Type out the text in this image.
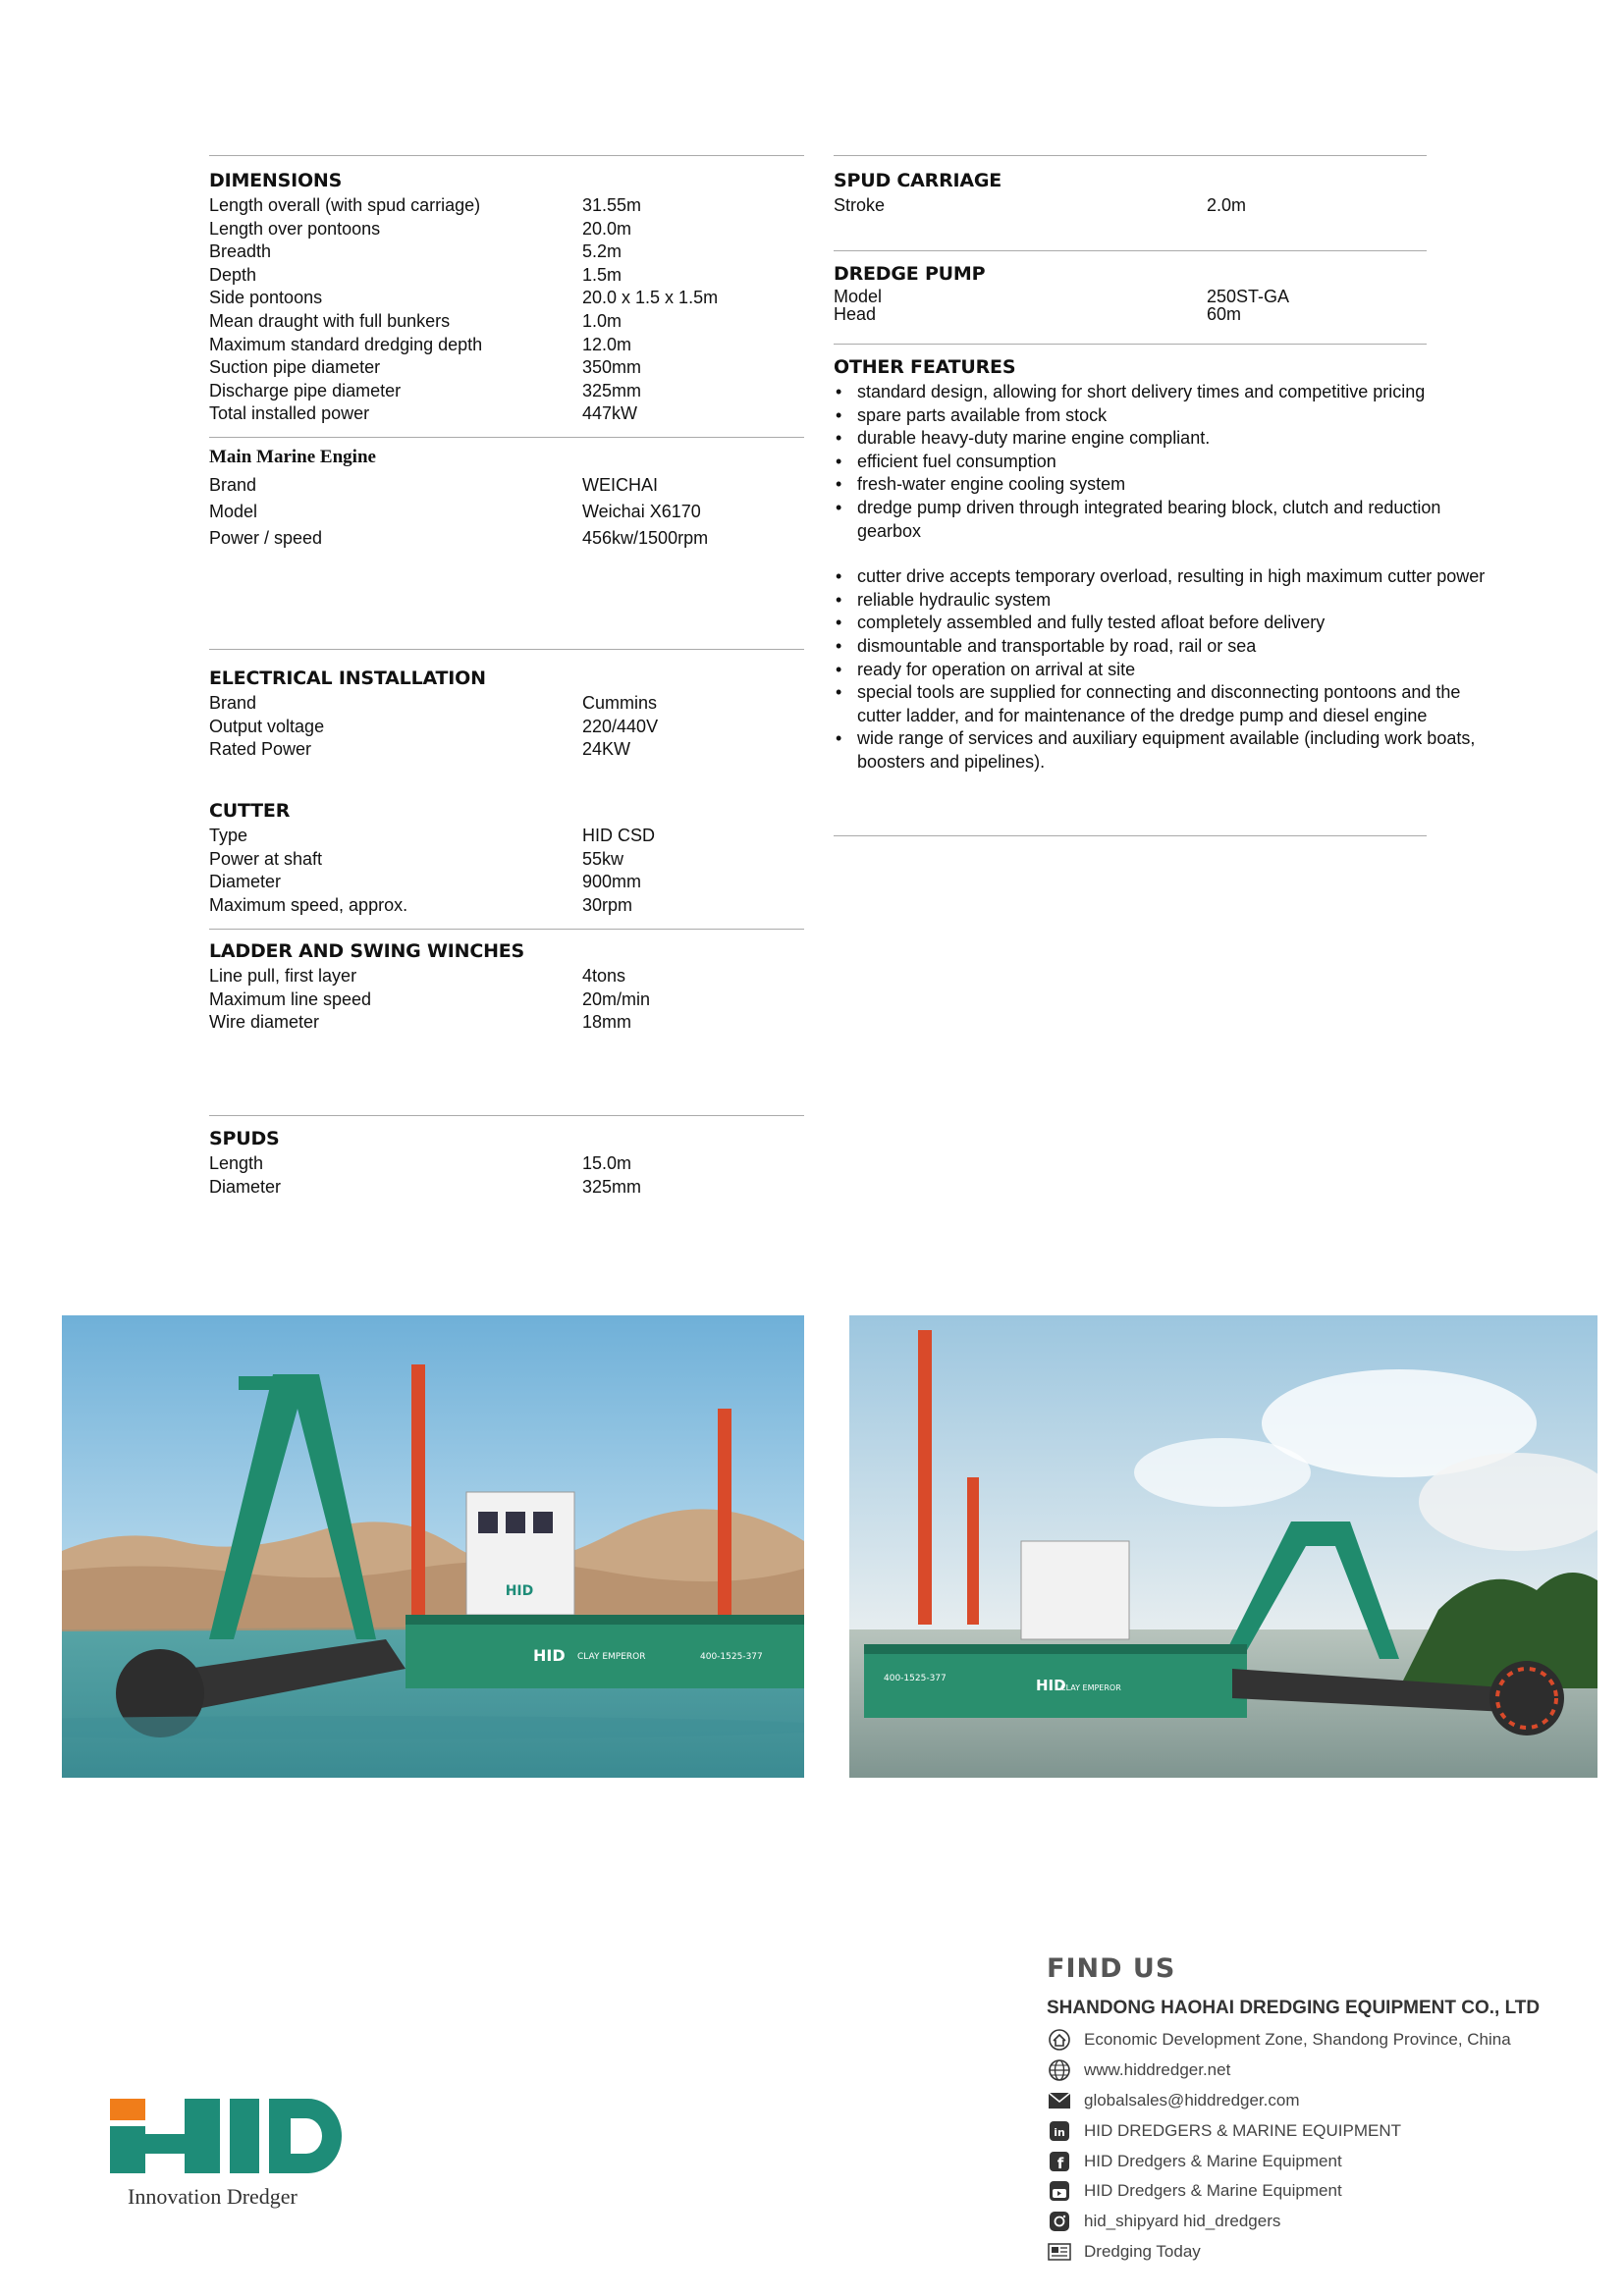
DIMENSIONS
Length overall (with spud carriage)	31.55m
Length over pontoons	20.0m
Breadth	5.2m
Depth	1.5m
Side pontoons	20.0 x 1.5 x 1.5m
Mean draught with full bunkers	1.0m
Maximum standard dredging depth	12.0m
Suction pipe diameter	350mm
Discharge pipe diameter	325mm
Total installed power	447kW
Main Marine Engine
Brand	WEICHAI
Model	Weichai X6170
Power / speed	456kw/1500rpm
ELECTRICAL INSTALLATION
Brand	Cummins
Output voltage	220/440V
Rated Power	24KW
CUTTER
Type	HID CSD
Power at shaft	55kw
Diameter	900mm
Maximum speed, approx.	30rpm
LADDER AND SWING WINCHES
Line pull, first layer	4tons
Maximum line speed	20m/min
Wire diameter	18mm
SPUDS
Length	15.0m
Diameter	325mm
SPUD CARRIAGE
Stroke	2.0m
DREDGE PUMP
Model	250ST-GA
Head	60m
OTHER FEATURES
• standard design, allowing for short delivery times and competitive pricing
• spare parts available from stock
• durable heavy-duty marine engine compliant.
• efficient fuel consumption
• fresh-water engine cooling system
• dredge pump driven through integrated bearing block, clutch and reduction gearbox
• cutter drive accepts temporary overload, resulting in high maximum cutter power
• reliable hydraulic system
• completely assembled and fully tested afloat before delivery
• dismountable and transportable by road, rail or sea
• ready for operation on arrival at site
• special tools are supplied for connecting and disconnecting pontoons and the cutter ladder, and for maintenance of the dredge pump and diesel engine
• wide range of services and auxiliary equipment available (including work boats, boosters and pipelines).
HID
HID CLAY EMPEROR	400-1525-377
HID
CLAY EMPEROR
400-1525-377
Innovation Dredger
FIND US
SHANDONG HAOHAI DREDGING EQUIPMENT CO., LTD
Economic Development Zone, Shandong Province, China
www.hiddredger.net
globalsales@hiddredger.com
in HID DREDGERS & MARINE EQUIPMENT
f HID Dredgers & Marine Equipment
HID Dredgers & Marine Equipment
hid_shipyard hid_dredgers
Dredging Today
